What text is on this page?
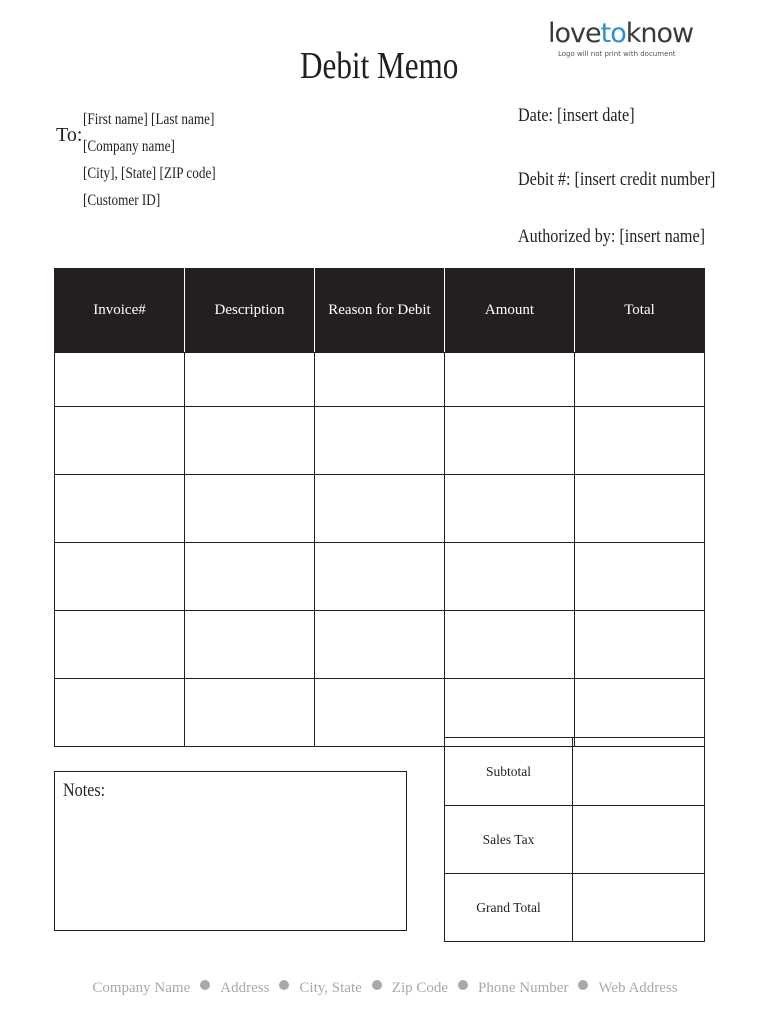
lovetoknow
Logo will not print with document
Debit Memo
To:
[First name] [Last name]
[Company name]
[City], [State] [ZIP code]
[Customer ID]
Date: [insert date]
Debit #: [insert credit number]
Authorized by: [insert name]
Invoice#	Description	Reason for Debit	Amount	Total

Subtotal	
Sales Tax	
Grand Total	
Notes:
Company Name Address City, State Zip Code Phone Number Web Address
